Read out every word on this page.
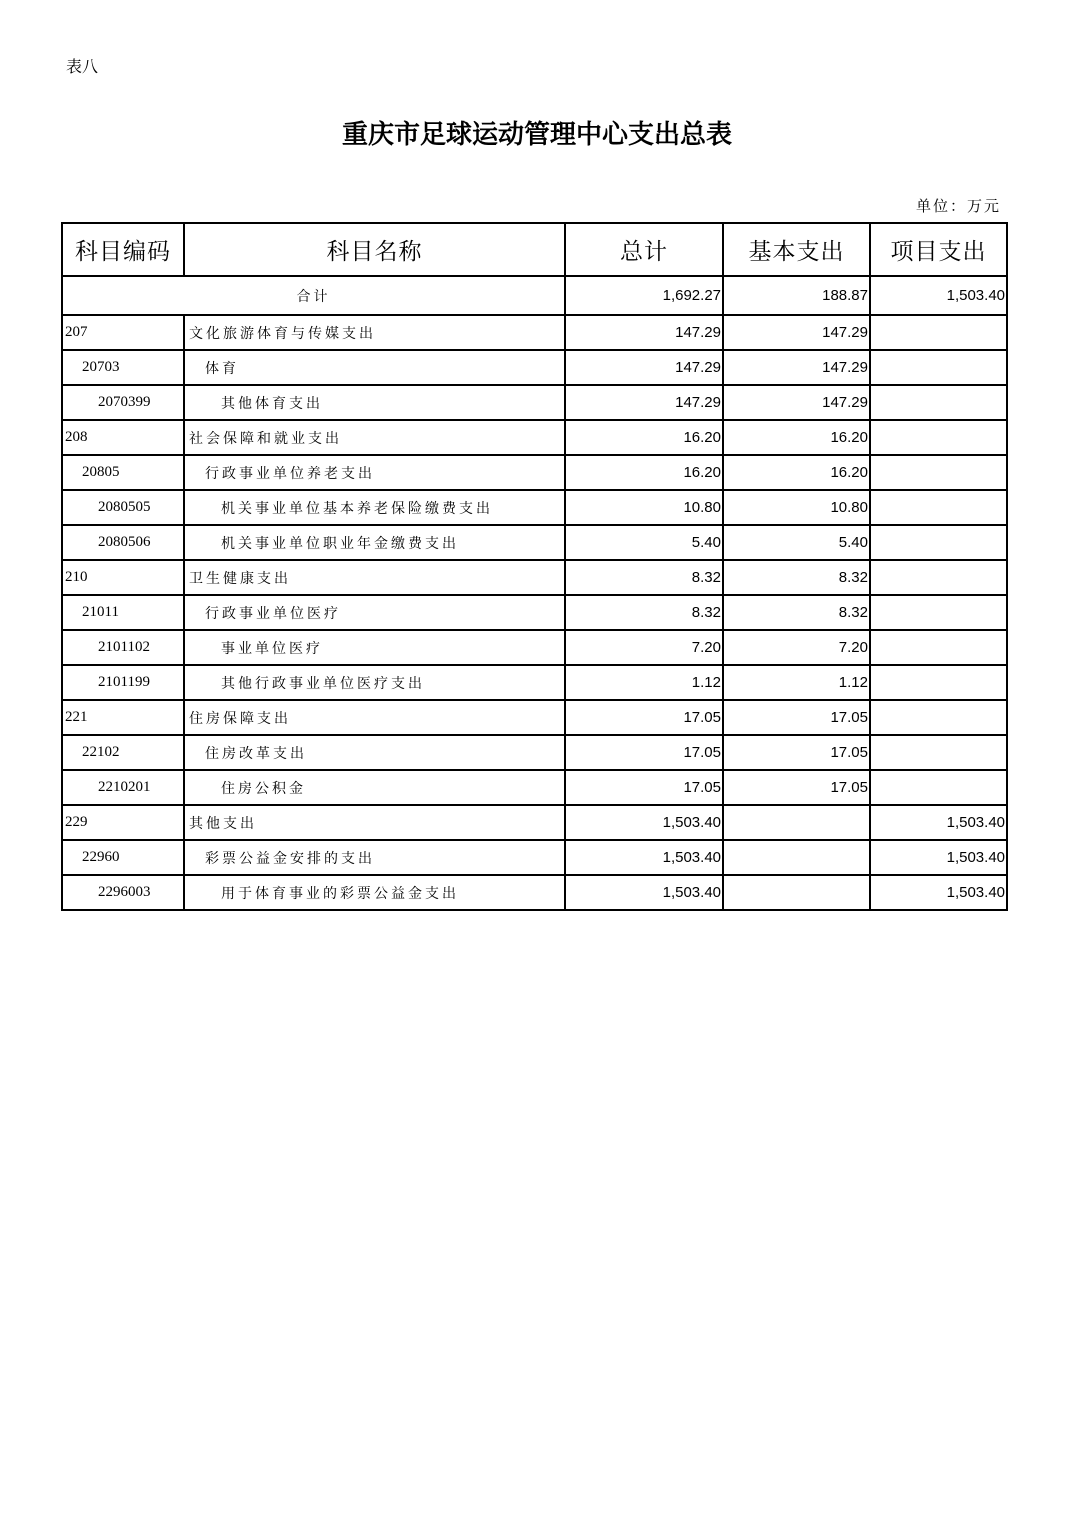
表八
重庆市足球运动管理中心支出总表
单位：万元
科目编码	科目名称	总计	基本支出	项目支出
合计		1,692.27	188.87	1,503.40
207	文化旅游体育与传媒支出	147.29	147.29	
20703	体育	147.29	147.29	
2070399	其他体育支出	147.29	147.29	
208	社会保障和就业支出	16.20	16.20	
20805	行政事业单位养老支出	16.20	16.20	
2080505	机关事业单位基本养老保险缴费支出	10.80	10.80	
2080506	机关事业单位职业年金缴费支出	5.40	5.40	
210	卫生健康支出	8.32	8.32	
21011	行政事业单位医疗	8.32	8.32	
2101102	事业单位医疗	7.20	7.20	
2101199	其他行政事业单位医疗支出	1.12	1.12	
221	住房保障支出	17.05	17.05	
22102	住房改革支出	17.05	17.05	
2210201	住房公积金	17.05	17.05	
229	其他支出	1,503.40		1,503.40
22960	彩票公益金安排的支出	1,503.40		1,503.40
2296003	用于体育事业的彩票公益金支出	1,503.40		1,503.40
